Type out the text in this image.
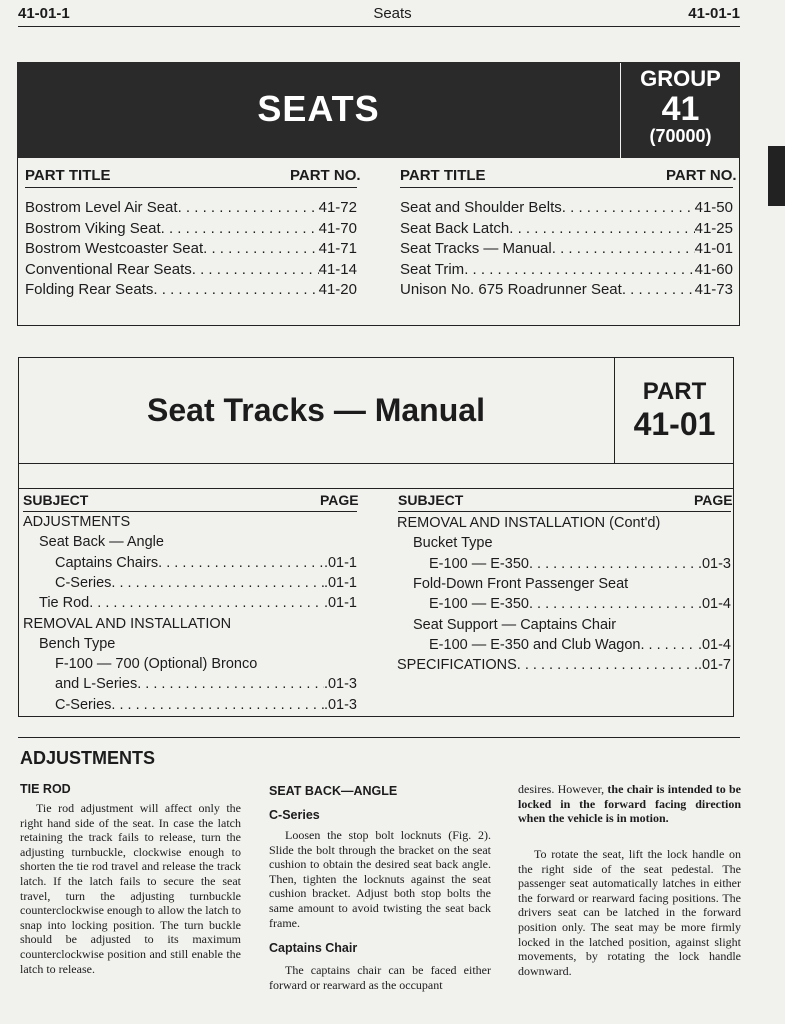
41-01-1	Seats	41-01-1
SEATS
GROUP
41
(70000)
PART TITLE	PART NO.	PART TITLE	PART NO.
Bostrom Level Air Seat . . .	41-72
Bostrom Viking Seat . . .	41-70
Bostrom Westcoaster Seat . . .	41-71
Conventional Rear Seats . . .	41-14
Folding Rear Seats . . .	41-20
Seat and Shoulder Belts . . .	41-50
Seat Back Latch . . .	41-25
Seat Tracks — Manual . . .	41-01
Seat Trim . . .	41-60
Unison No. 675 Roadrunner Seat . . .	41-73
Seat Tracks — Manual
PART
41-01
SUBJECT	PAGE	SUBJECT	PAGE
ADJUSTMENTS
Seat Back — Angle
Captains Chairs . . .	.01-1
C-Series . . .	.01-1
Tie Rod . . .	.01-1
REMOVAL AND INSTALLATION
Bench Type
F-100 — 700 (Optional) Bronco
and L-Series . . .	.01-3
C-Series . . .	.01-3
REMOVAL AND INSTALLATION (Cont'd)
Bucket Type
E-100 — E-350 . . .	.01-3
Fold-Down Front Passenger Seat
E-100 — E-350 . . .	.01-4
Seat Support — Captains Chair
E-100 — E-350 and Club Wagon . . .	.01-4
SPECIFICATIONS . . .	.01-7
ADJUSTMENTS
TIE ROD
Tie rod adjustment will affect only the right hand side of the seat. In case the latch retaining the track fails to release, turn the adjusting turnbuckle, clockwise enough to shorten the tie rod travel and release the track latch. If the latch fails to secure the seat travel, turn the adjusting turnbuckle counterclockwise enough to allow the latch to snap into locking position. The turn buckle should be adjusted to its maximum counterclockwise position and still enable the latch to release.
SEAT BACK—ANGLE
C-Series
Loosen the stop bolt locknuts (Fig. 2). Slide the bolt through the bracket on the seat cushion to obtain the desired seat back angle. Then, tighten the locknuts against the seat cushion bracket. Adjust both stop bolts the same amount to avoid twisting the seat back frame.
Captains Chair
The captains chair can be faced either forward or rearward as the occupant
desires. However, the chair is intended to be locked in the forward facing direction when the vehicle is in motion.
To rotate the seat, lift the lock handle on the right side of the seat pedestal. The passenger seat automatically latches in either the forward or rearward facing positions. The drivers seat can be latched in the forward position only. The seat may be more firmly locked in the latched position, against slight movements, by rotating the lock handle downward.
